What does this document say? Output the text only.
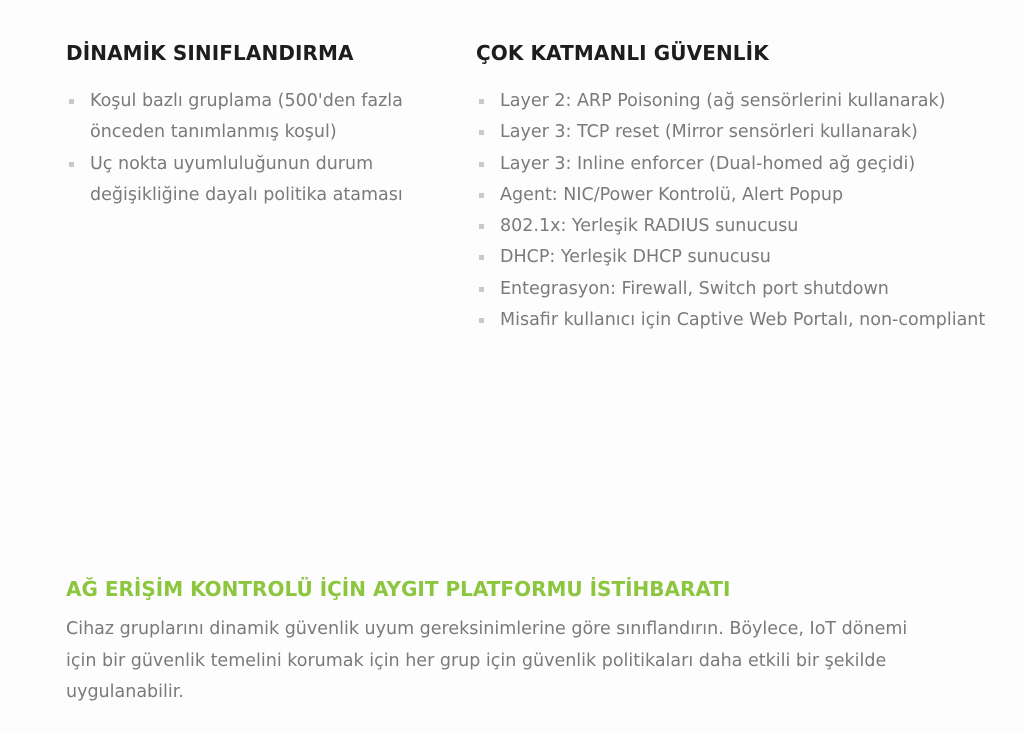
DİNAMİK SINIFLANDIRMA
Koşul bazlı gruplama (500'den fazla önceden tanımlanmış koşul)
Uç nokta uyumluluğunun durum değişikliğine dayalı politika ataması
ÇOK KATMANLI GÜVENLİK
Layer 2: ARP Poisoning (ağ sensörlerini kullanarak)
Layer 3: TCP reset (Mirror sensörleri kullanarak)
Layer 3: Inline enforcer (Dual-homed ağ geçidi)
Agent: NIC/Power Kontrolü, Alert Popup
802.1x: Yerleşik RADIUS sunucusu
DHCP: Yerleşik DHCP sunucusu
Entegrasyon: Firewall, Switch port shutdown
Misafir kullanıcı için Captive Web Portalı, non-compliant
AĞ ERİŞİM KONTROLÜ İÇİN AYGIT PLATFORMU İSTİHBARATI

Cihaz gruplarını dinamik güvenlik uyum gereksinimlerine göre sınıflandırın. Böylece, IoT dönemi için bir güvenlik temelini korumak için her grup için güvenlik politikaları daha etkili bir şekilde uygulanabilir.
